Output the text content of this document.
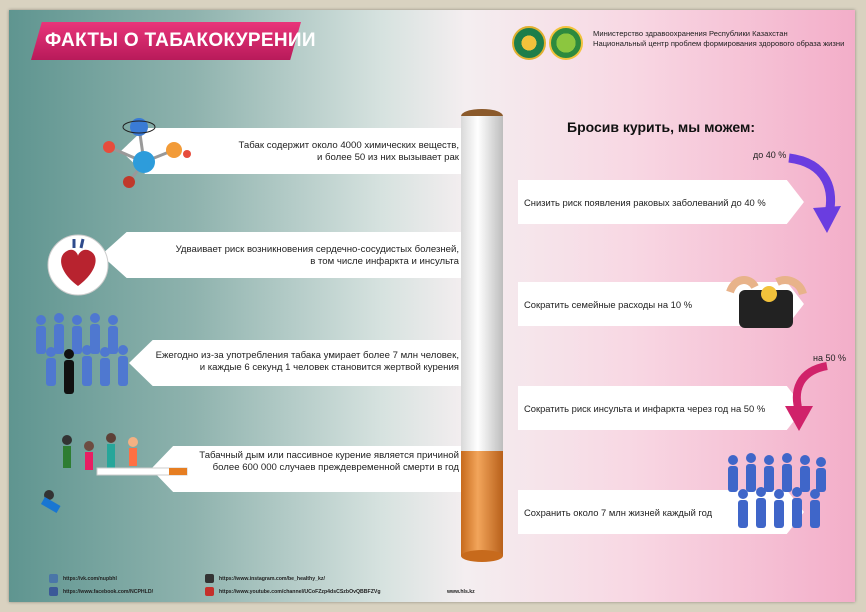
ФАКТЫ О ТАБАКОКУРЕНИИ	Министерство здравоохранения Республики Казахстан
Национальный центр проблем формирования здорового образа жизни
Табак содержит около 4000 химических веществ,
и более 50 из них вызывает рак
Удваивает риск возникновения сердечно-сосудистых болезней,
в том числе инфаркта и инсульта
Ежегодно из-за употребления табака умирает более 7 млн человек,
и каждые 6 секунд 1 человек становится жертвой курения
Табачный дым или пассивное курение является причиной
более 600 000 случаев преждевременной смерти в год
Бросив курить, мы можем:
до 40 %
Снизить риск появления раковых заболеваний до 40 %
Сократить семейные расходы на 10 %
на 50 %
Сократить риск инсульта и инфаркта через год на 50 %
Сохранить около 7 млн жизней каждый год
https://vk.com/nupbhl
https://www.facebook.com/NCPHLD/
https://www.instagram.com/be_healthy_kz/
https://www.youtube.com/channel/UCoFZzp4dsCSzbOvQBBFZVg	www.hls.kz
